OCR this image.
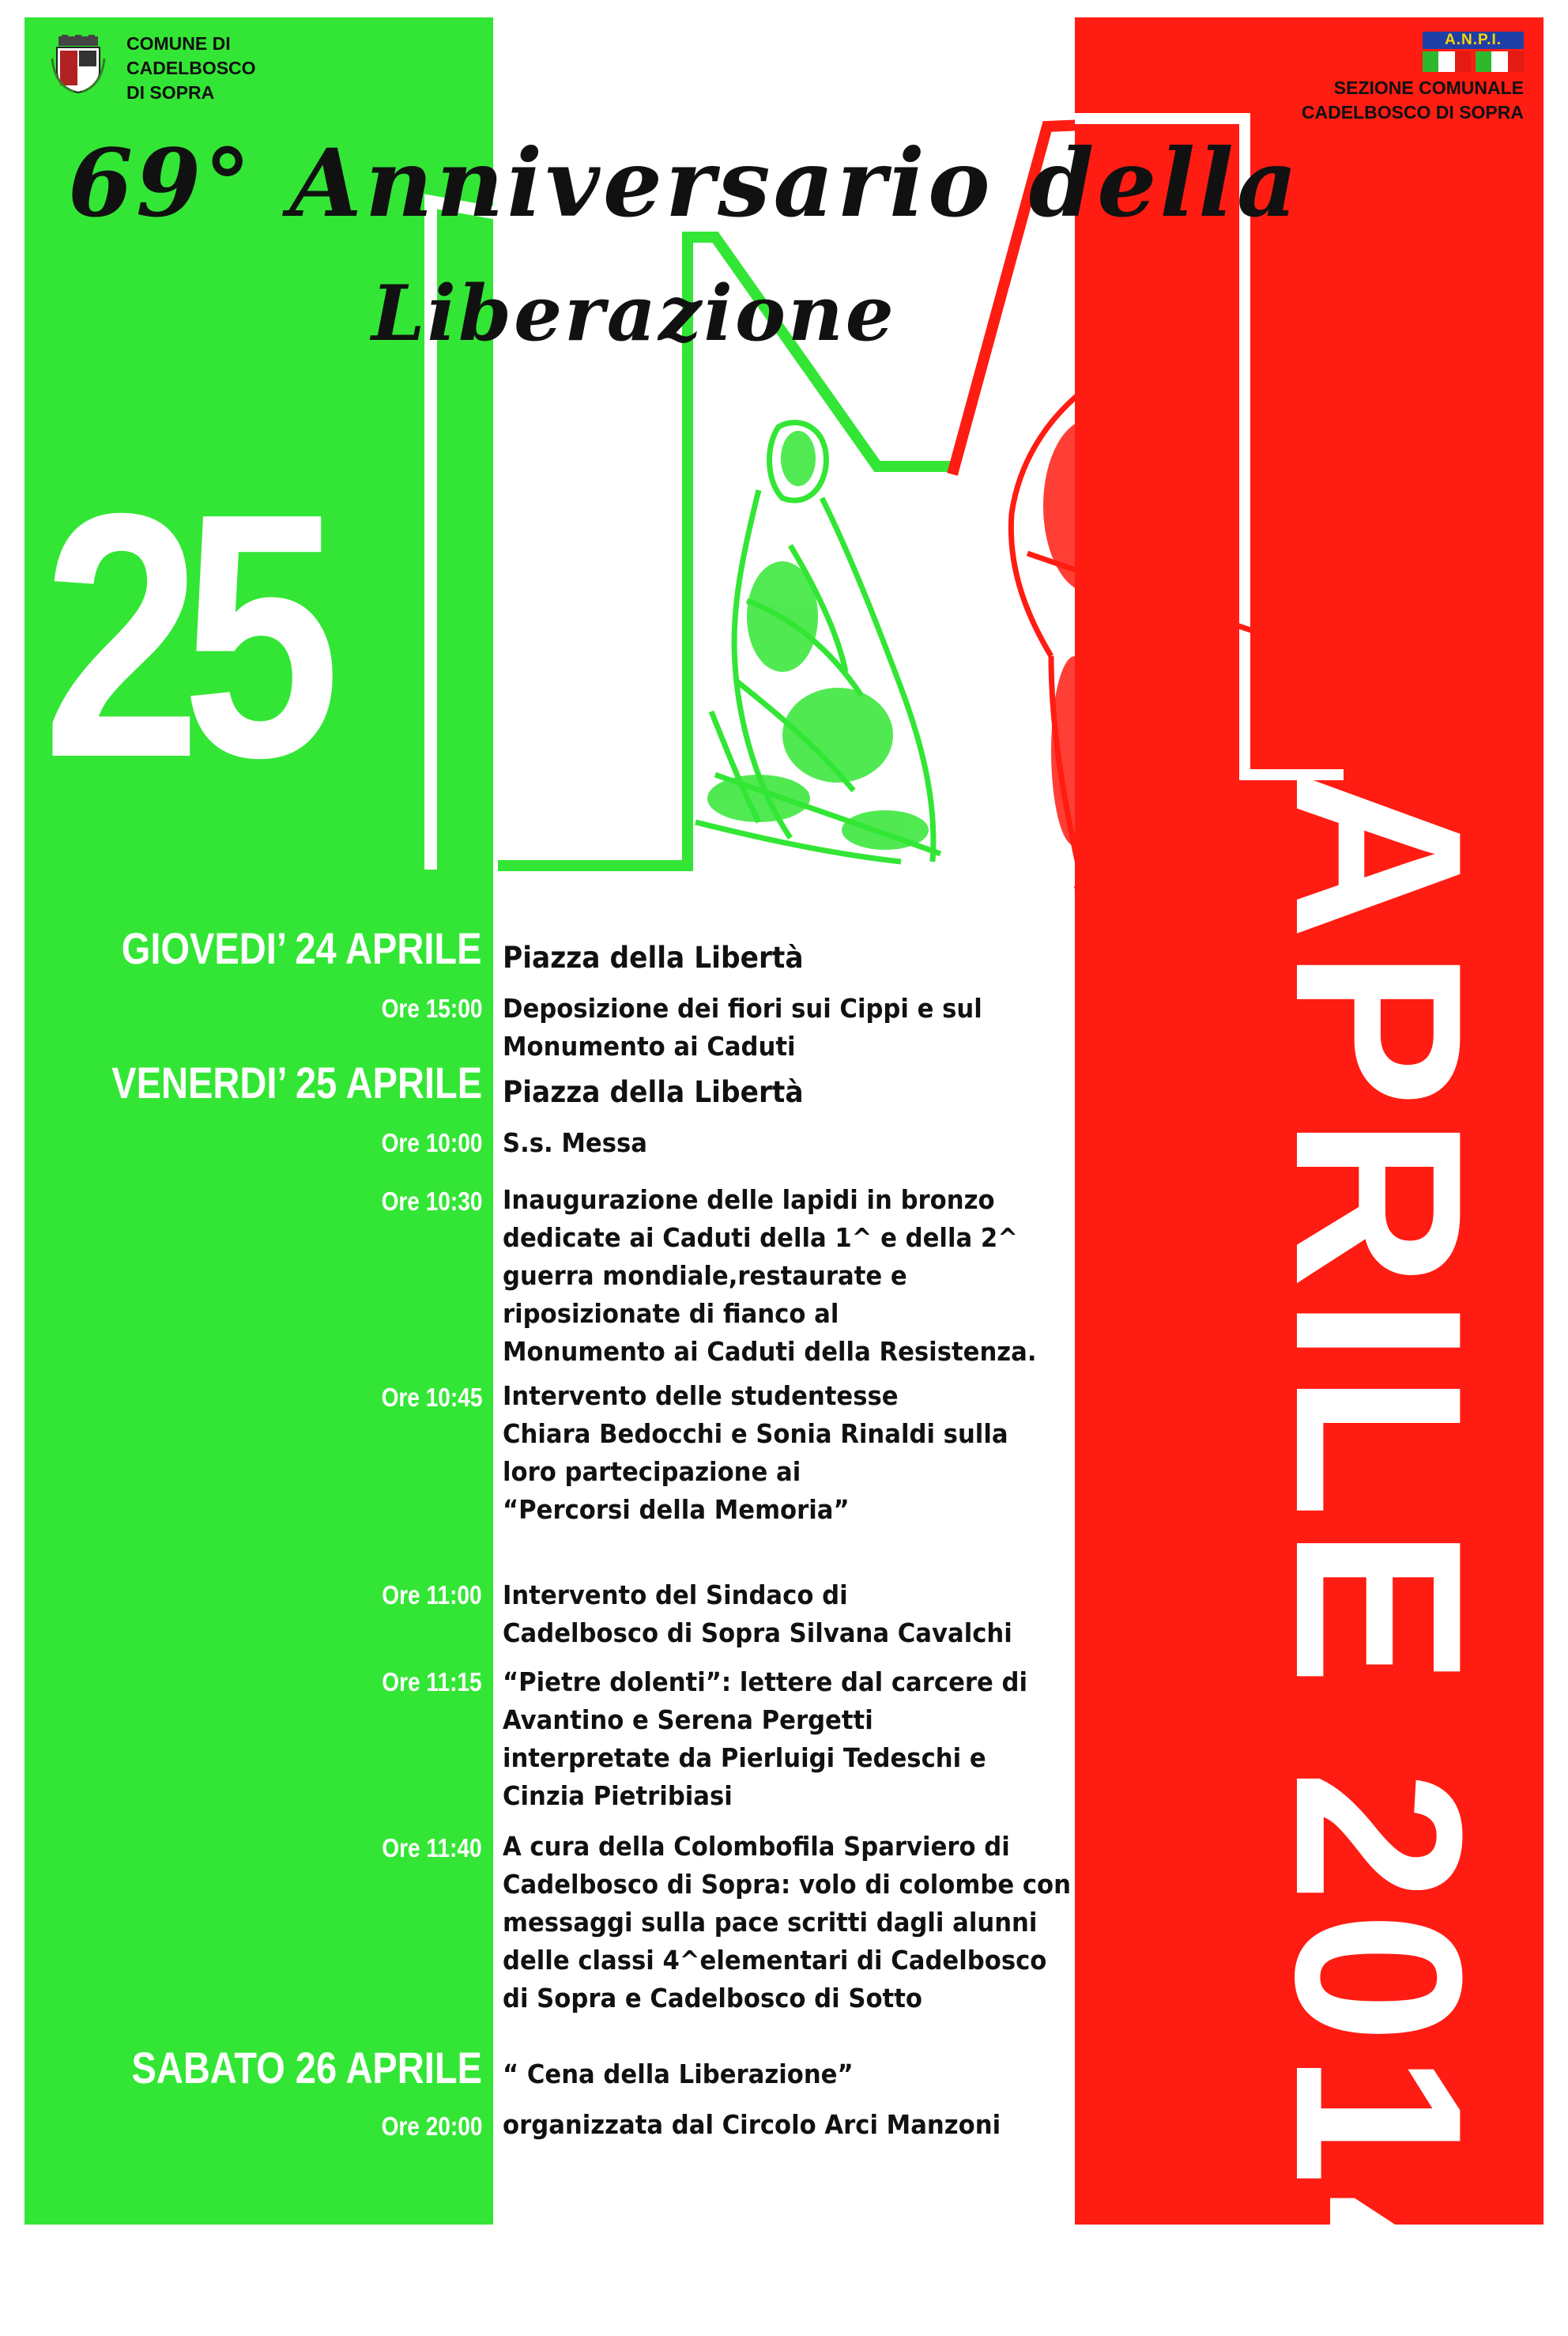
COMUNE DI
CADELBOSCO
DI SOPRA
A.N.P.I.
SEZIONE COMUNALE
CADELBOSCO DI SOPRA
69° Anniversario della
Liberazione
25
APRILE 2014
GIOVEDI’ 24 APRILE Piazza della Libertà
Ore 15:00 Deposizione dei fiori sui Cippi e sul
Monumento ai Caduti
VENERDI’ 25 APRILE Piazza della Libertà
Ore 10:00 S.s. Messa
Ore 10:30 Inaugurazione delle lapidi in bronzo
dedicate ai Caduti della 1^ e della 2^
guerra mondiale,restaurate e
riposizionate di fianco al
Monumento ai Caduti della Resistenza.
Ore 10:45 Intervento delle studentesse
Chiara Bedocchi e Sonia Rinaldi sulla
loro partecipazione ai
“Percorsi della Memoria”
Ore 11:00 Intervento del Sindaco di
Cadelbosco di Sopra Silvana Cavalchi
Ore 11:15 “Pietre dolenti”: lettere dal carcere di
Avantino e Serena Pergetti
interpretate da Pierluigi Tedeschi e
Cinzia Pietribiasi
Ore 11:40 A cura della Colombofila Sparviero di
Cadelbosco di Sopra: volo di colombe con
messaggi sulla pace scritti dagli alunni
delle classi 4^elementari di Cadelbosco
di Sopra e Cadelbosco di Sotto
SABATO 26 APRILE “ Cena della Liberazione”
Ore 20:00 organizzata dal Circolo Arci Manzoni
